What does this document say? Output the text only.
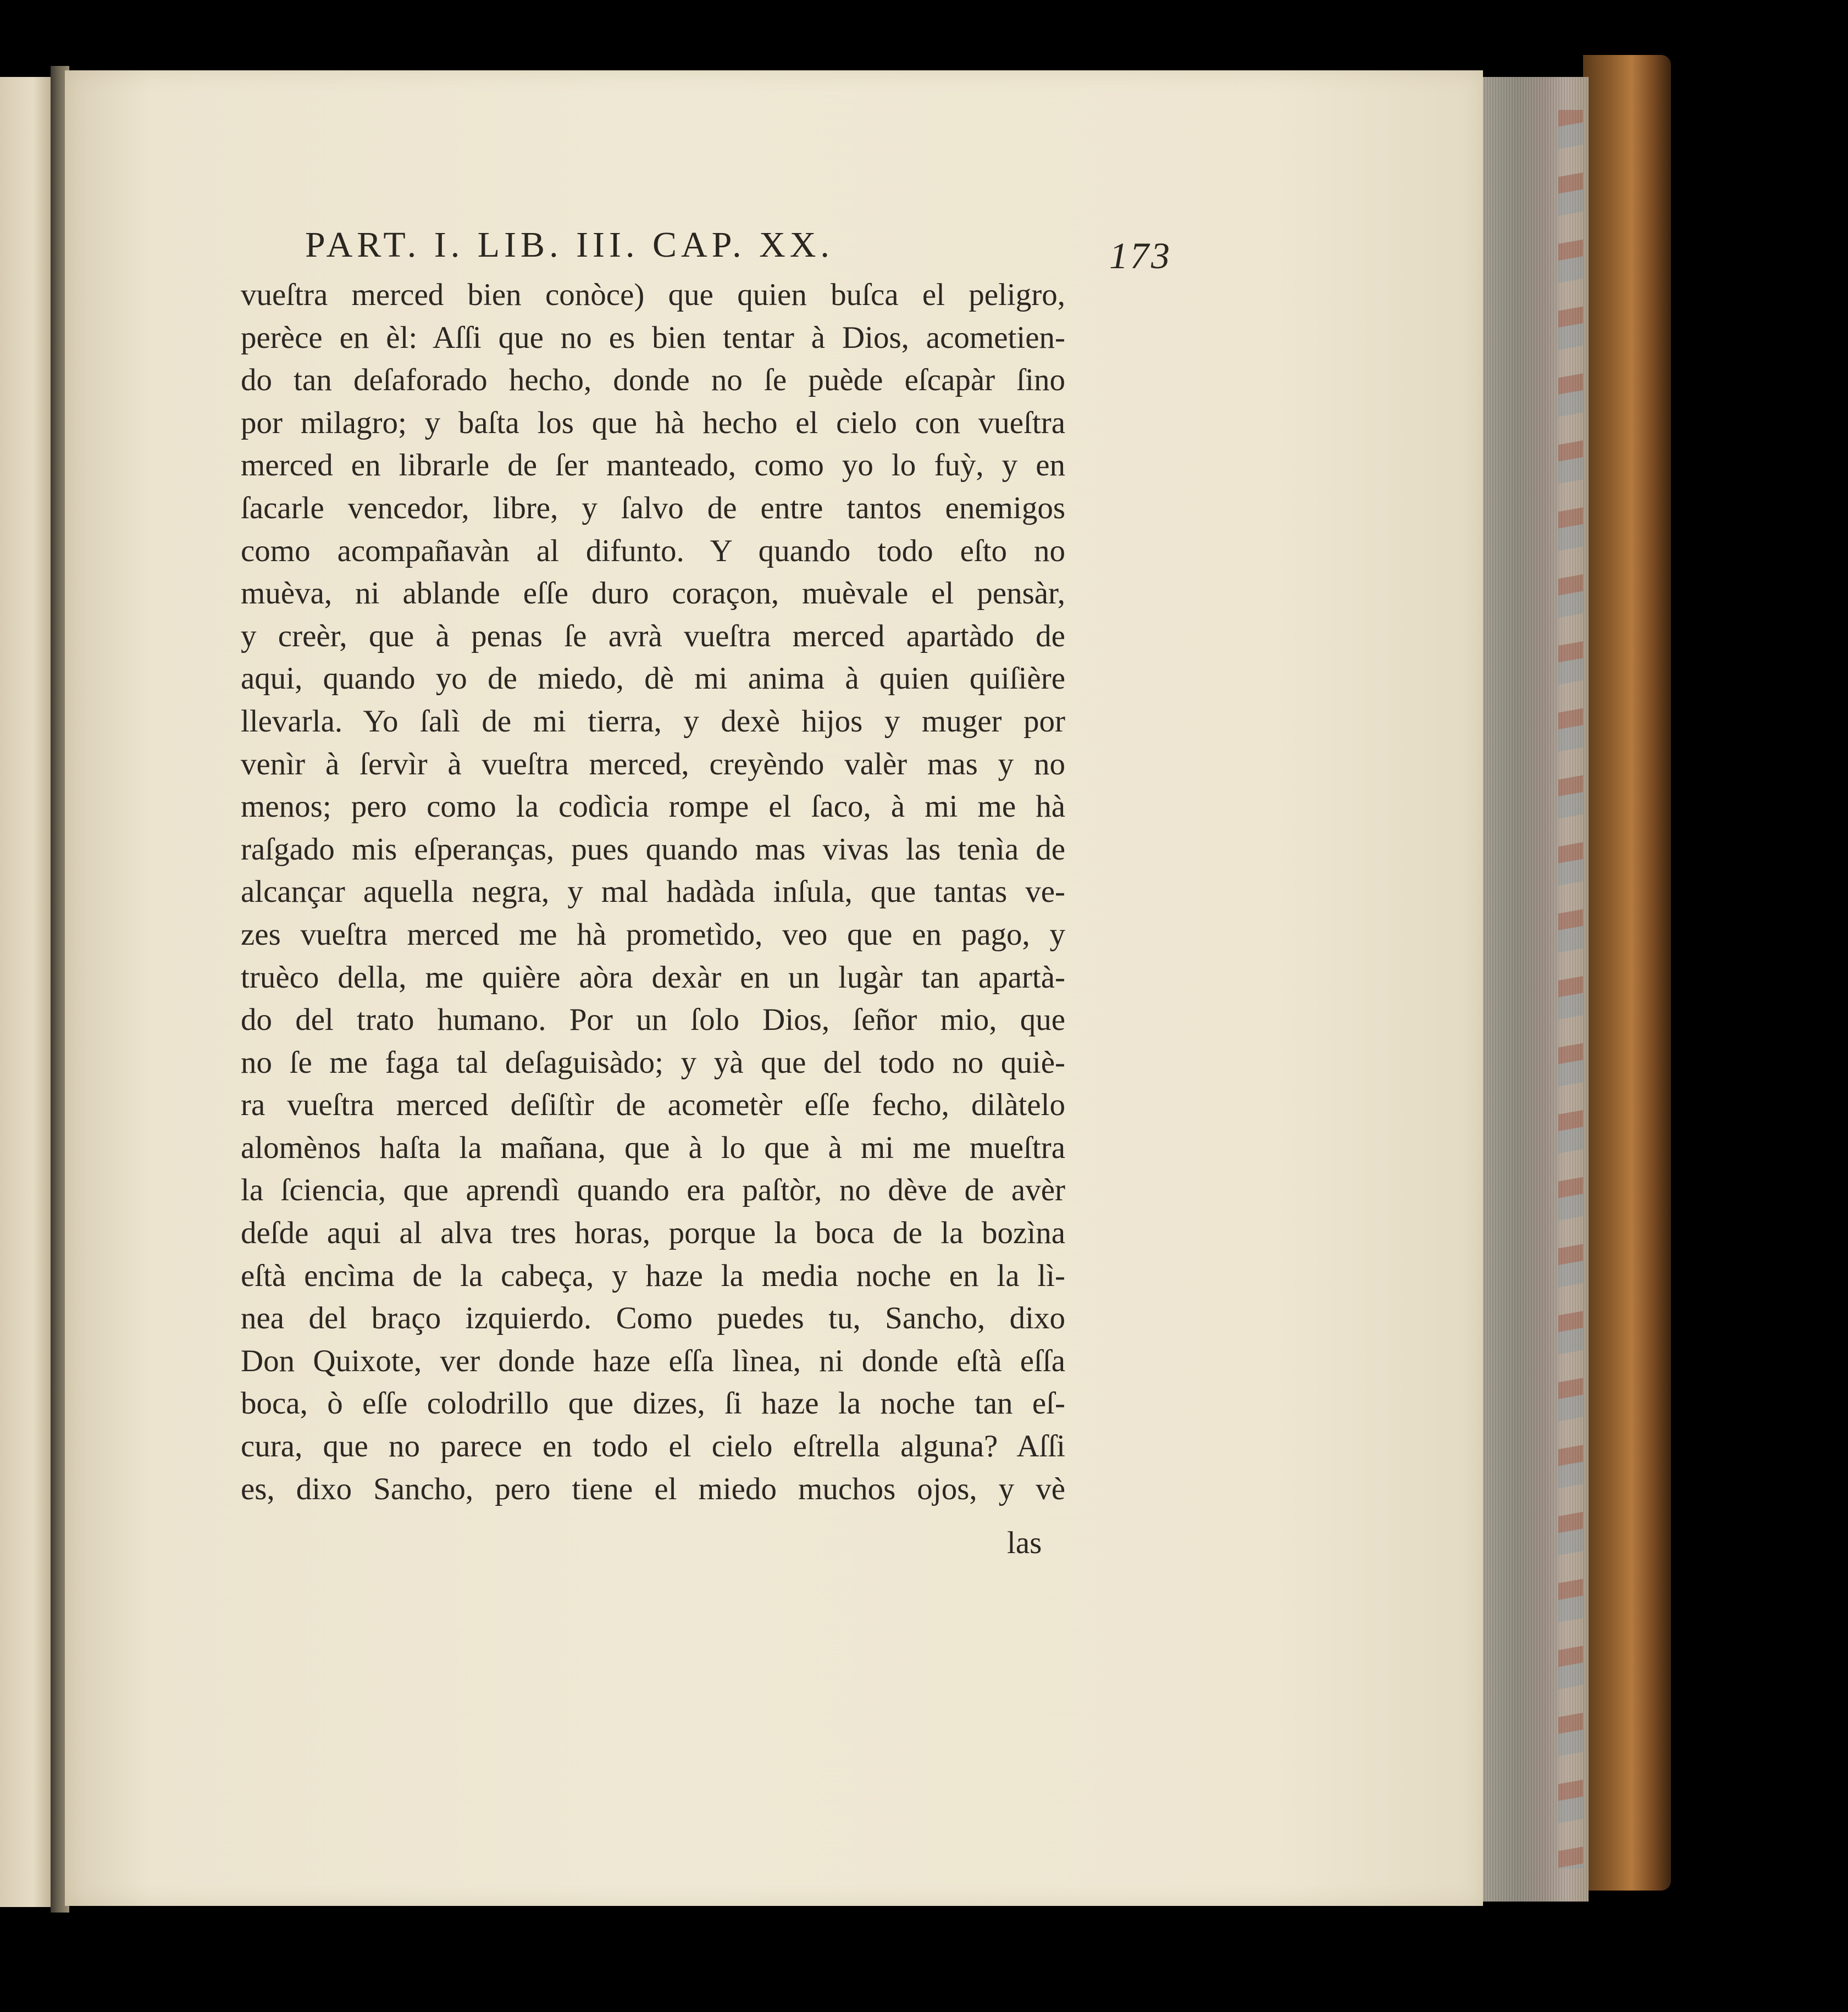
PART. I. LIB. III. CAP. XX.	173
vueſtra merced bien conòce) que quien buſca el peligro,
perèce en èl: Aſſi que no es bien tentar à Dios, acometien-
do tan deſaforado hecho, donde no ſe puède eſcapàr ſino
por milagro; y baſta los que hà hecho el cielo con vueſtra
merced en librarle de ſer manteado, como yo lo fuỳ, y en
ſacarle vencedor, libre, y ſalvo de entre tantos enemigos
como acompañavàn al difunto. Y quando todo eſto no
muèva, ni ablande eſſe duro coraçon, muèvale el pensàr,
y creèr, que à penas ſe avrà vueſtra merced apartàdo de
aqui, quando yo de miedo, dè mi anima à quien quiſière
llevarla. Yo ſalì de mi tierra, y dexè hijos y muger por
venìr à ſervìr à vueſtra merced, creyèndo valèr mas y no
menos; pero como la codìcia rompe el ſaco, à mi me hà
raſgado mis eſperanças, pues quando mas vivas las tenìa de
alcançar aquella negra, y mal hadàda inſula, que tantas ve-
zes vueſtra merced me hà prometìdo, veo que en pago, y
truèco della, me quière aòra dexàr en un lugàr tan apartà-
do del trato humano. Por un ſolo Dios, ſeñor mio, que
no ſe me faga tal deſaguisàdo; y yà que del todo no quiè-
ra vueſtra merced deſiſtìr de acometèr eſſe fecho, dilàtelo
alomènos haſta la mañana, que à lo que à mi me mueſtra
la ſciencia, que aprendì quando era paſtòr, no dève de avèr
deſde aqui al alva tres horas, porque la boca de la bozìna
eſtà encìma de la cabeça, y haze la media noche en la lì-
nea del braço izquierdo. Como puedes tu, Sancho, dixo
Don Quixote, ver donde haze eſſa lìnea, ni donde eſtà eſſa
boca, ò eſſe colodrillo que dizes, ſi haze la noche tan eſ-
cura, que no parece en todo el cielo eſtrella alguna? Aſſi
es, dixo Sancho, pero tiene el miedo muchos ojos, y vè
las
